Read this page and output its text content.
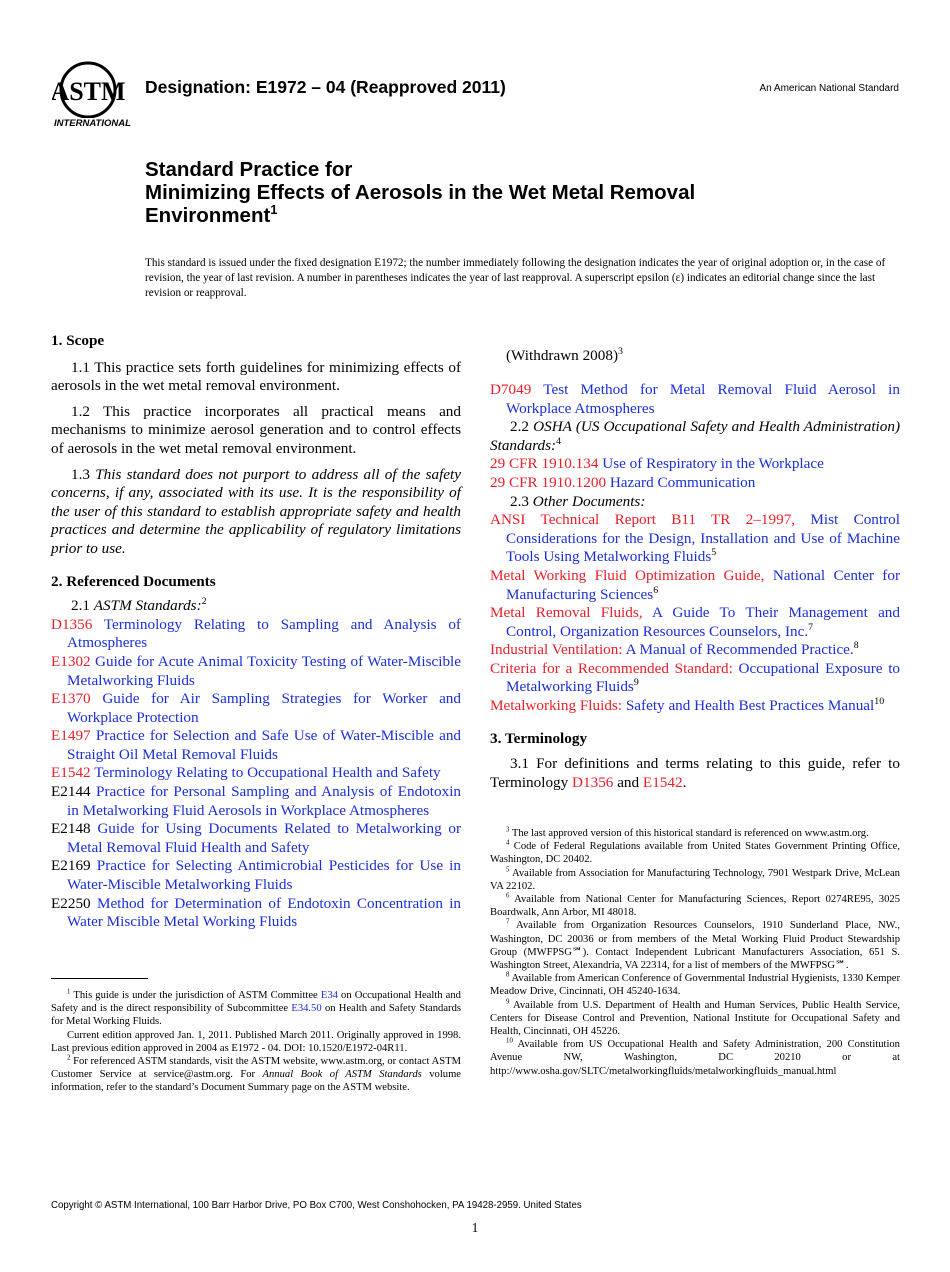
ASTM
INTERNATIONAL
Designation: E1972 – 04 (Reapproved 2011)	An American National Standard
Standard Practice for
Minimizing Effects of Aerosols in the Wet Metal Removal
Environment$^1$
This standard is issued under the fixed designation E1972; the number immediately following the designation indicates the year of original adoption or, in the case of revision, the year of last revision. A number in parentheses indicates the year of last reapproval. A superscript epsilon (ε) indicates an editorial change since the last revision or reapproval.

1. Scope

1.1 This practice sets forth guidelines for minimizing effects of aerosols in the wet metal removal environment.

1.2 This practice incorporates all practical means and mechanisms to minimize aerosol generation and to control effects of aerosols in the wet metal removal environment.

1.3 This standard does not purport to address all of the safety concerns, if any, associated with its use. It is the responsibility of the user of this standard to establish appropriate safety and health practices and determine the applicability of regulatory limitations prior to use.

2. Referenced Documents

2.1 ASTM Standards:$^2$

D1356 Terminology Relating to Sampling and Analysis of Atmospheres

E1302 Guide for Acute Animal Toxicity Testing of Water-Miscible Metalworking Fluids

E1370 Guide for Air Sampling Strategies for Worker and Workplace Protection

E1497 Practice for Selection and Safe Use of Water-Miscible and Straight Oil Metal Removal Fluids

E1542 Terminology Relating to Occupational Health and Safety

E2144 Practice for Personal Sampling and Analysis of Endotoxin in Metalworking Fluid Aerosols in Workplace Atmospheres

E2148 Guide for Using Documents Related to Metalworking or Metal Removal Fluid Health and Safety

E2169 Practice for Selecting Antimicrobial Pesticides for Use in Water-Miscible Metalworking Fluids

E2250 Method for Determination of Endotoxin Concentration in Water Miscible Metal Working Fluids

(Withdrawn 2008)$^3$

D7049 Test Method for Metal Removal Fluid Aerosol in Workplace Atmospheres

2.2 OSHA (US Occupational Safety and Health Administration) Standards:$^4$

29 CFR 1910.134 Use of Respiratory in the Workplace

29 CFR 1910.1200 Hazard Communication

2.3 Other Documents:

ANSI Technical Report B11 TR 2–1997, Mist Control Considerations for the Design, Installation and Use of Machine Tools Using Metalworking Fluids$^5$

Metal Working Fluid Optimization Guide, National Center for Manufacturing Sciences$^6$

Metal Removal Fluids, A Guide To Their Management and Control, Organization Resources Counselors, Inc.$^7$

Industrial Ventilation: A Manual of Recommended Practice.$^8$

Criteria for a Recommended Standard: Occupational Exposure to Metalworking Fluids$^9$

Metalworking Fluids: Safety and Health Best Practices Manual$^{10}$

3. Terminology

3.1 For definitions and terms relating to this guide, refer to Terminology D1356 and E1542.

$^1$ This guide is under the jurisdiction of ASTM Committee E34 on Occupational Health and Safety and is the direct responsibility of Subcommittee E34.50 on Health and Safety Standards for Metal Working Fluids.

Current edition approved Jan. 1, 2011. Published March 2011. Originally approved in 1998. Last previous edition approved in 2004 as E1972 - 04. DOI: 10.1520/E1972-04R11.

$^2$ For referenced ASTM standards, visit the ASTM website, www.astm.org, or contact ASTM Customer Service at service@astm.org. For Annual Book of ASTM Standards volume information, refer to the standard’s Document Summary page on the ASTM website.

$^3$ The last approved version of this historical standard is referenced on www.astm.org.

$^4$ Code of Federal Regulations available from United States Government Printing Office, Washington, DC 20402.

$^5$ Available from Association for Manufacturing Technology, 7901 Westpark Drive, McLean VA 22102.

$^6$ Available from National Center for Manufacturing Sciences, Report 0274RE95, 3025 Boardwalk, Ann Arbor, MI 48018.

$^7$ Available from Organization Resources Counselors, 1910 Sunderland Place, NW., Washington, DC 20036 or from members of the Metal Working Fluid Product Stewardship Group (MWFPSG℠). Contact Independent Lubricant Manufacturers Association, 651 S. Washington Street, Alexandria, VA 22314, for a list of members of the MWFPSG℠.

$^8$ Available from American Conference of Governmental Industrial Hygienists, 1330 Kemper Meadow Drive, Cincinnati, OH 45240-1634.

$^9$ Available from U.S. Department of Health and Human Services, Public Health Service, Centers for Disease Control and Prevention, National Institute for Occupational Safety and Health, Cincinnati, OH 45226.

$^{10}$ Available from US Occupational Health and Safety Administration, 200 Constitution Avenue NW, Washington, DC 20210 or at http://www.osha.gov/SLTC/metalworkingfluids/metalworkingfluids_manual.html

Copyright © ASTM International, 100 Barr Harbor Drive, PO Box C700, West Conshohocken, PA 19428-2959. United States
1
